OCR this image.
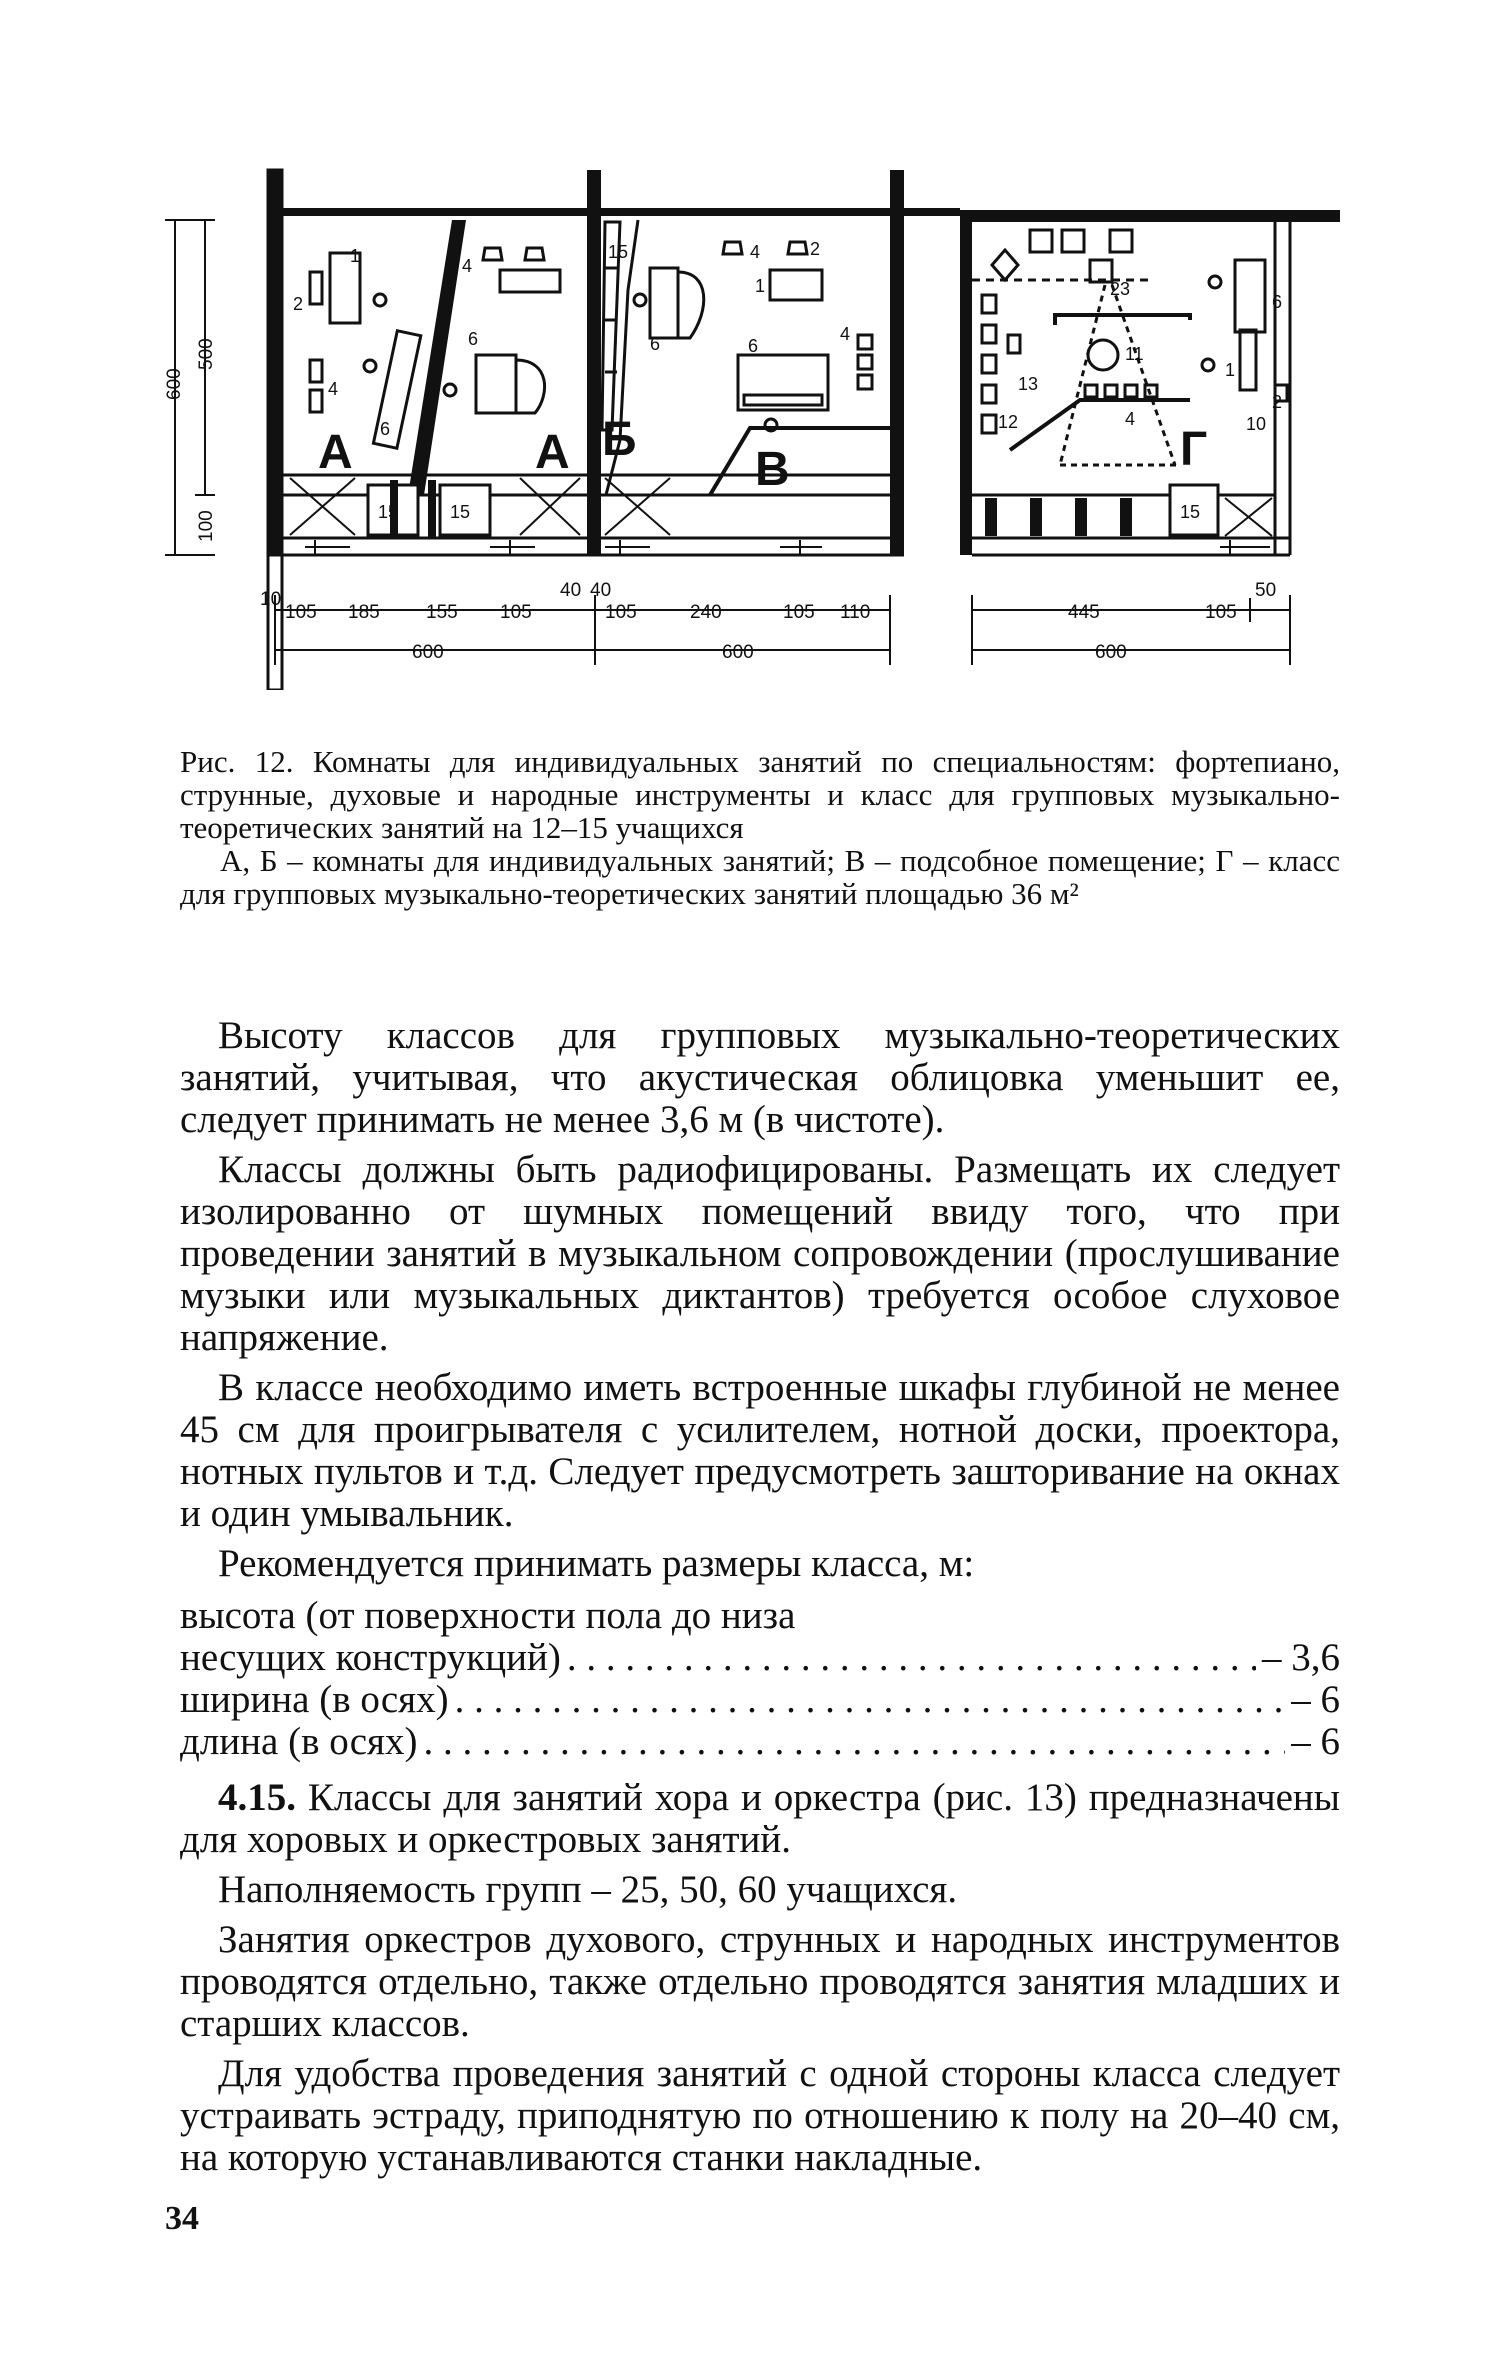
А	А Б
В	Г
1
2
4
6
4
6
15	15
15	4	2
1
6	6
4
23
11
13
12	4
6
1
2
10
15
10
105 185 155 105
40 40
105	240	105 110
600	600
445	105
50
600
600
500
100

Рис. 12. Комнаты для индивидуальных занятий по специальностям: фортепиано, струнные, духовые и народные инструменты и класс для групповых музыкально-теоретических занятий на 12–15 учащихся

А, Б – комнаты для индивидуальных занятий; В – подсобное помещение; Г – класс для групповых музыкально-теоретических занятий площадью 36 м²

Высоту классов для групповых музыкально-теоретических занятий, учитывая, что акустическая облицовка уменьшит ее, следует принимать не менее 3,6 м (в чистоте).

Классы должны быть радиофицированы. Размещать их следует изолированно от шумных помещений ввиду того, что при проведении занятий в музыкальном сопровождении (прослушивание музыки или музыкальных диктантов) требуется особое слуховое напряжение.

В классе необходимо иметь встроенные шкафы глубиной не менее 45 см для проигрывателя с усилителем, нотной доски, проектора, нотных пультов и т.д. Следует предусмотреть зашторивание на окнах и один умывальник.

Рекомендуется принимать размеры класса, м:

высота (от поверхности пола до низа
несущих конструкций) . . .	– 3,6
ширина (в осях) . . .	– 6
длина (в осях) . . .	– 6

4.15. Классы для занятий хора и оркестра (рис. 13) предназначены для хоровых и оркестровых занятий.

Наполняемость групп – 25, 50, 60 учащихся.

Занятия оркестров духового, струнных и народных инструментов проводятся отдельно, также отдельно проводятся занятия младших и старших классов.

Для удобства проведения занятий с одной стороны класса следует устраивать эстраду, приподнятую по отношению к полу на 20–40 см, на которую устанавливаются станки накладные.

34
